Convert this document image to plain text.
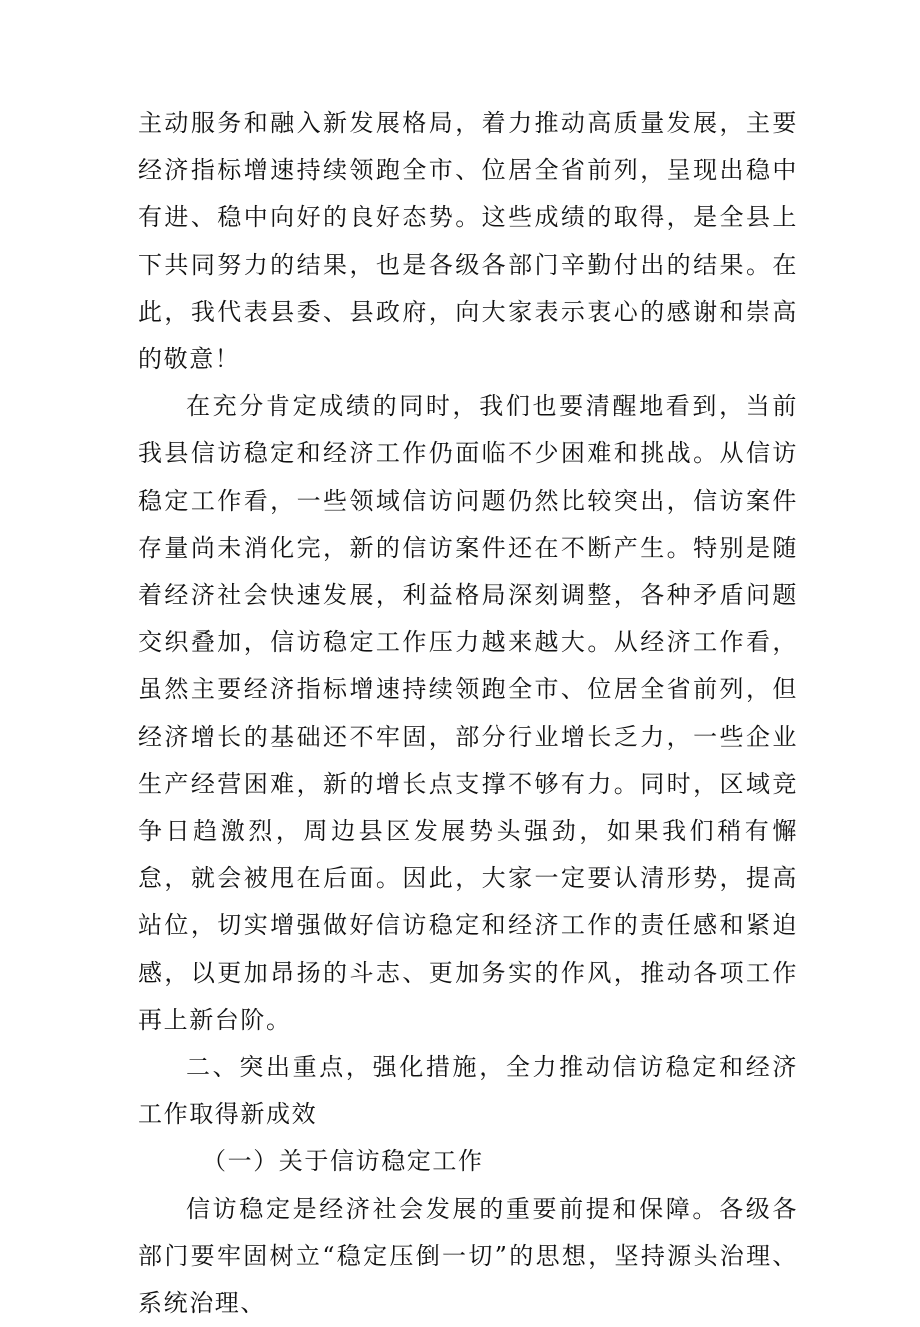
主动服务和融入新发展格局，着力推动高质量发展，主要经济指标增速持续领跑全市、位居全省前列，呈现出稳中有进、稳中向好的良好态势。这些成绩的取得，是全县上下共同努力的结果，也是各级各部门辛勤付出的结果。在此，我代表县委、县政府，向大家表示衷心的感谢和崇高的敬意！

在充分肯定成绩的同时，我们也要清醒地看到，当前我县信访稳定和经济工作仍面临不少困难和挑战。从信访稳定工作看，一些领域信访问题仍然比较突出，信访案件存量尚未消化完，新的信访案件还在不断产生。特别是随着经济社会快速发展，利益格局深刻调整，各种矛盾问题交织叠加，信访稳定工作压力越来越大。从经济工作看，虽然主要经济指标增速持续领跑全市、位居全省前列，但经济增长的基础还不牢固，部分行业增长乏力，一些企业生产经营困难，新的增长点支撑不够有力。同时，区域竞争日趋激烈，周边县区发展势头强劲，如果我们稍有懈怠，就会被甩在后面。因此，大家一定要认清形势，提高站位，切实增强做好信访稳定和经济工作的责任感和紧迫感，以更加昂扬的斗志、更加务实的作风，推动各项工作再上新台阶。

二、突出重点，强化措施，全力推动信访稳定和经济工作取得新成效

（一）关于信访稳定工作

信访稳定是经济社会发展的重要前提和保障。各级各部门要牢固树立“稳定压倒一切”的思想，坚持源头治理、系统治理、
